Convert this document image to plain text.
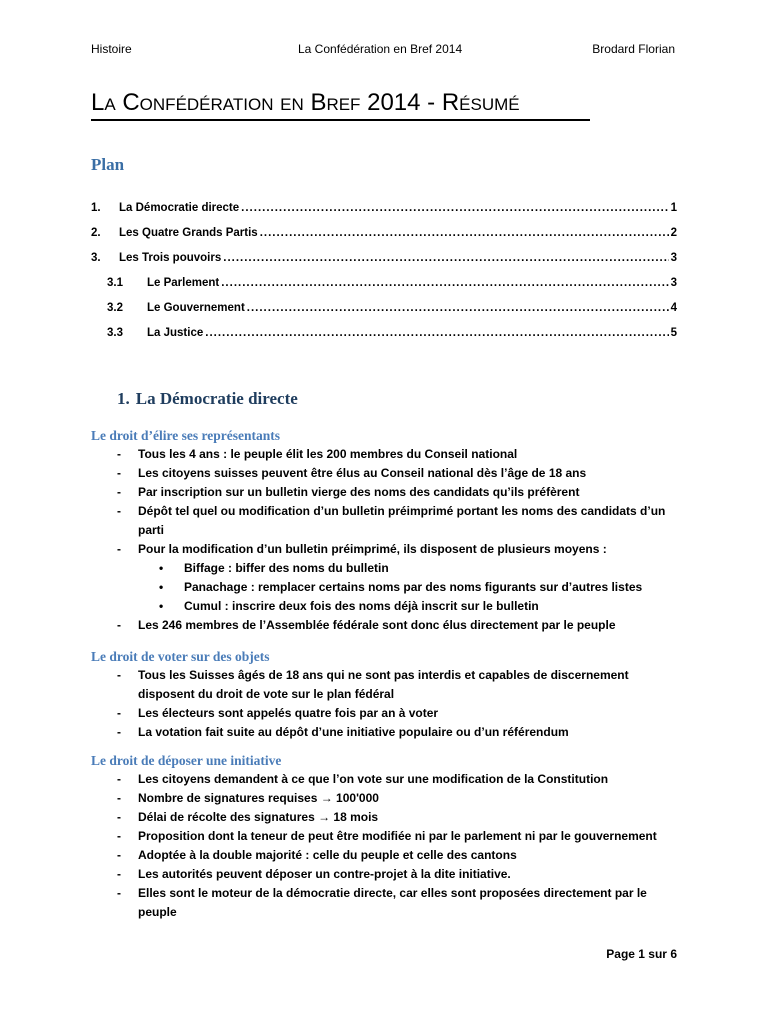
Histoire	La Confédération en Bref 2014	Brodard Florian
La Confédération en Bref 2014 - Résumé
Plan
1.	La Démocratie directe .....	1
2.	Les Quatre Grands Partis .....	2
3.	Les Trois pouvoirs .....	3
3.1	Le Parlement .....	3
3.2	Le Gouvernement .....	4
3.3	La Justice .....	5
1. La Démocratie directe
Le droit d’élire ses représentants
- Tous les 4 ans : le peuple élit les 200 membres du Conseil national
- Les citoyens suisses peuvent être élus au Conseil national dès l’âge de 18 ans
- Par inscription sur un bulletin vierge des noms des candidats qu’ils préfèrent
- Dépôt tel quel ou modification d’un bulletin préimprimé portant les noms des candidats d’un parti
- Pour la modification d’un bulletin préimprimé, ils disposent de plusieurs moyens :
• Biffage : biffer des noms du bulletin
• Panachage : remplacer certains noms par des noms figurants sur d’autres listes
• Cumul : inscrire deux fois des noms déjà inscrit sur le bulletin
- Les 246 membres de l’Assemblée fédérale sont donc élus directement par le peuple
Le droit de voter sur des objets
- Tous les Suisses âgés de 18 ans qui ne sont pas interdis et capables de discernement disposent du droit de vote sur le plan fédéral
- Les électeurs sont appelés quatre fois par an à voter
- La votation fait suite au dépôt d’une initiative populaire ou d’un référendum
Le droit de déposer une initiative
- Les citoyens demandent à ce que l’on vote sur une modification de la Constitution
- Nombre de signatures requises → 100'000
- Délai de récolte des signatures → 18 mois
- Proposition dont la teneur de peut être modifiée ni par le parlement ni par le gouvernement
- Adoptée à la double majorité : celle du peuple et celle des cantons
- Les autorités peuvent déposer un contre-projet à la dite initiative.
- Elles sont le moteur de la démocratie directe, car elles sont proposées directement par le peuple
Page 1 sur 6
